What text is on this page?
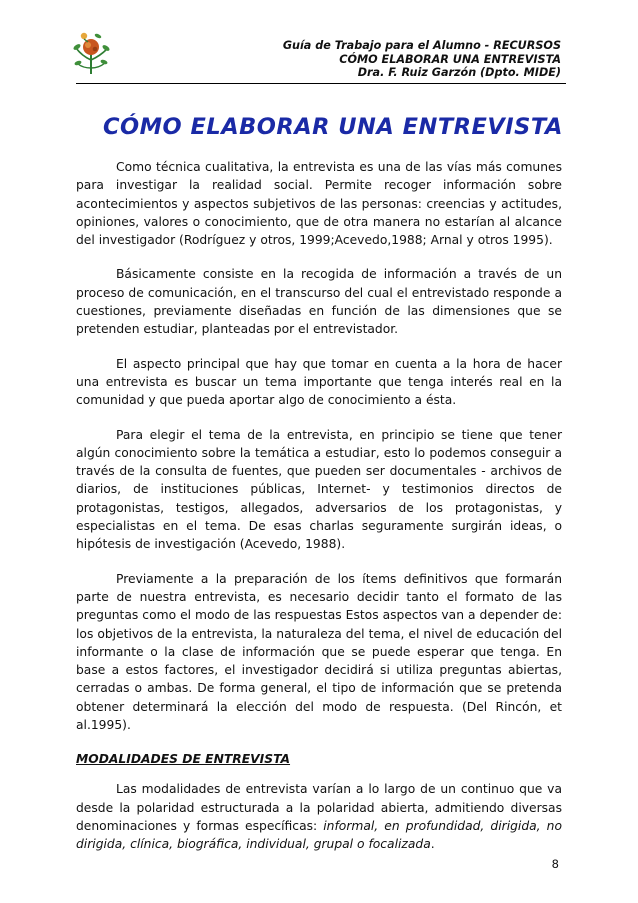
Guía de Trabajo para el Alumno - RECURSOS
CÓMO ELABORAR UNA ENTREVISTA
Dra. F. Ruiz Garzón (Dpto. MIDE)
CÓMO ELABORAR UNA ENTREVISTA

Como técnica cualitativa, la entrevista es una de las vías más comunes para investigar la realidad social. Permite recoger información sobre acontecimientos y aspectos subjetivos de las personas: creencias y actitudes, opiniones, valores o conocimiento, que de otra manera no estarían al alcance del investigador (Rodríguez y otros, 1999;Acevedo,1988; Arnal y otros 1995).

Básicamente consiste en la recogida de información a través de un proceso de comunicación, en el transcurso del cual el entrevistado responde a cuestiones, previamente diseñadas en función de las dimensiones que se pretenden estudiar, planteadas por el entrevistador.

El aspecto principal que hay que tomar en cuenta a la hora de hacer una entrevista es buscar un tema importante que tenga interés real en la comunidad y que pueda aportar algo de conocimiento a ésta.

Para elegir el tema de la entrevista, en principio se tiene que tener algún conocimiento sobre la temática a estudiar, esto lo podemos conseguir a través de la consulta de fuentes, que pueden ser documentales - archivos de diarios, de instituciones públicas, Internet- y testimonios directos de protagonistas, testigos, allegados, adversarios de los protagonistas, y especialistas en el tema. De esas charlas seguramente surgirán ideas, o hipótesis de investigación (Acevedo, 1988).

Previamente a la preparación de los ítems definitivos que formarán parte de nuestra entrevista, es necesario decidir tanto el formato de las preguntas como el modo de las respuestas Estos aspectos van a depender de: los objetivos de la entrevista, la naturaleza del tema, el nivel de educación del informante o la clase de información que se puede esperar que tenga. En base a estos factores, el investigador decidirá si utiliza preguntas abiertas, cerradas o ambas. De forma general, el tipo de información que se pretenda obtener determinará la elección del modo de respuesta. (Del Rincón, et al.1995).

MODALIDADES DE ENTREVISTA

Las modalidades de entrevista varían a lo largo de un continuo que va desde la polaridad estructurada a la polaridad abierta, admitiendo diversas denominaciones y formas específicas: informal, en profundidad, dirigida, no dirigida, clínica, biográfica, individual, grupal o focalizada.

8
